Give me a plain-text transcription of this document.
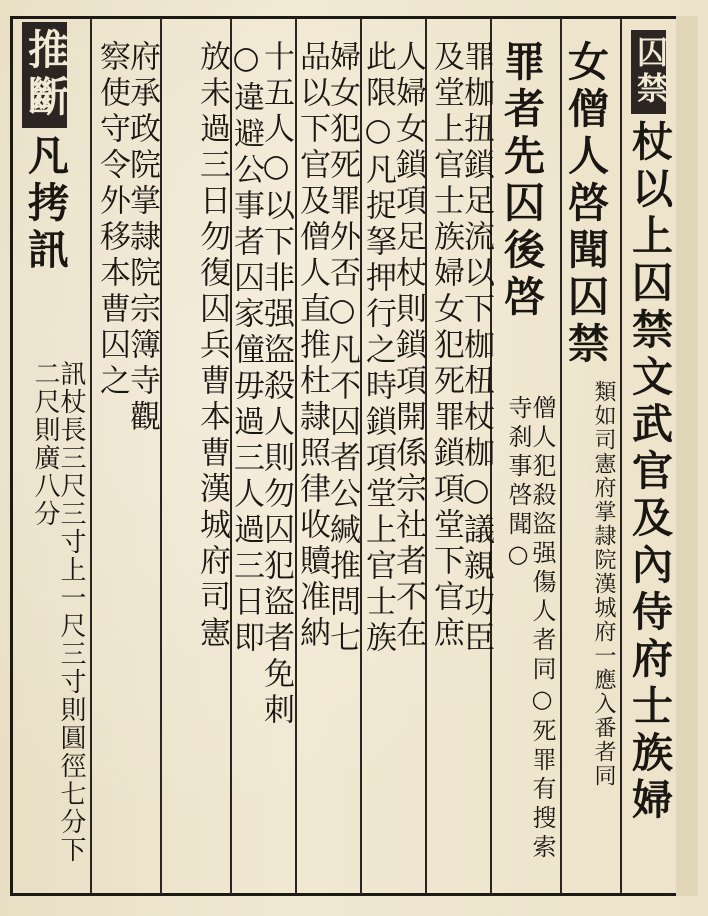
囚禁杖以上囚禁文武官及內侍府士族婦
女僧人啓聞囚禁
類如司憲府掌隷院漢城府一應入番者同
罪者先囚後啓
僧人犯殺盜强傷人者同○死罪有搜索寺刹事啓聞○
罪枷扭鎖足流以下枷杻杖枷○議親功臣
及堂上官士族婦女犯死罪鎖項堂下官庶
人婦女鎖項足杖則鎖項開係宗社者不在
此限○凡捉拏押行之時鎖項堂上官士族
婦女犯死罪外否○凡不囚者公緘推問七
品以下官及僧人直推杜隷照律收贖准納
十五人○以下非强盜殺人則勿囚犯盜者免刺
○違避公事者囚家僮毋過三人過三日即
放未過三日勿復囚兵曹本曹漢城府司憲
府承政院掌隷院宗簿寺觀
察使守令外移本曹囚之
推斷凡拷訊
訊杖長三尺三寸上一尺三寸則圓徑七分下二尺則廣八分
